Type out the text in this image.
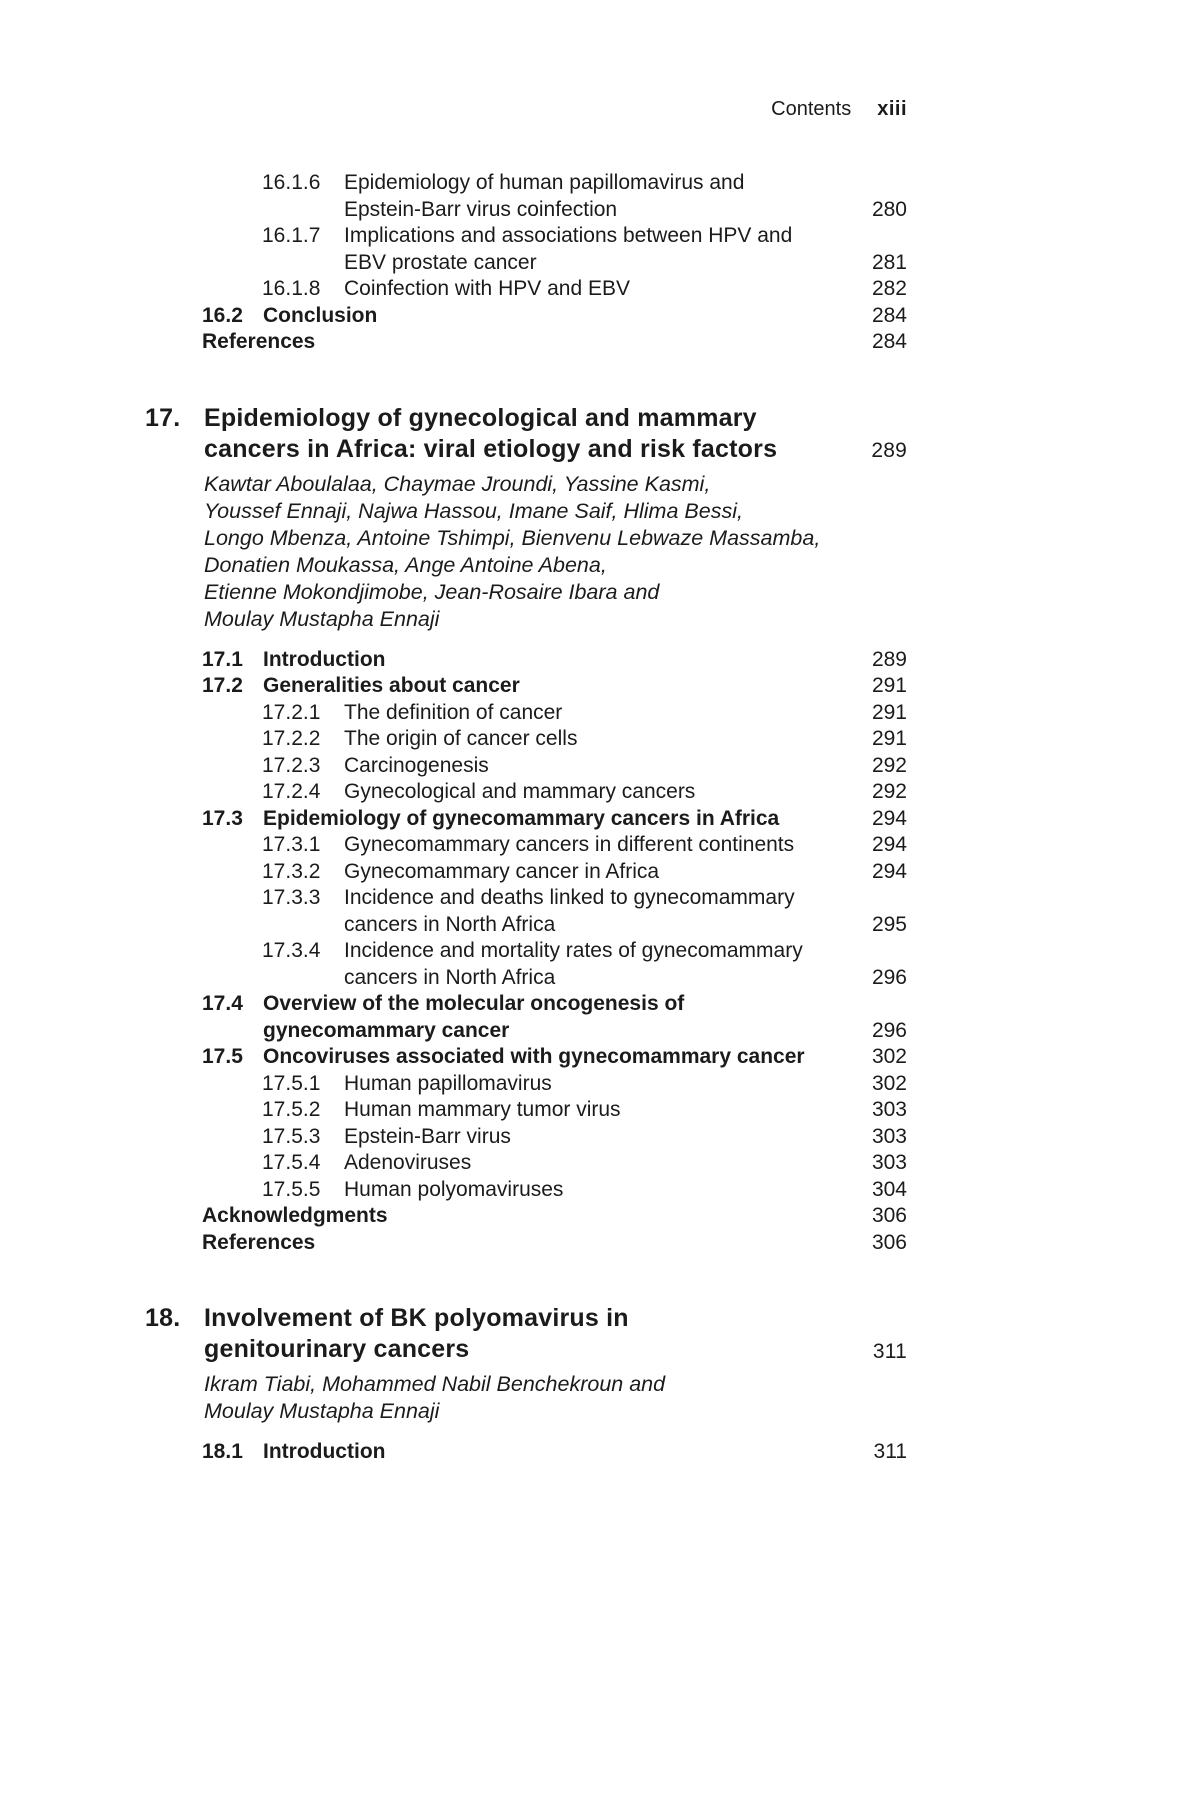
Contents xiii
16.1.6 Epidemiology of human papillomavirus and
Epstein-Barr virus coinfection	280
16.1.7 Implications and associations between HPV and
EBV prostate cancer	281
16.1.8 Coinfection with HPV and EBV	282
16.2 Conclusion	284
References	284
17. Epidemiology of gynecological and mammary
cancers in Africa: viral etiology and risk factors	289
Kawtar Aboulalaa, Chaymae Jroundi, Yassine Kasmi,
Youssef Ennaji, Najwa Hassou, Imane Saif, Hlima Bessi,
Longo Mbenza, Antoine Tshimpi, Bienvenu Lebwaze Massamba,
Donatien Moukassa, Ange Antoine Abena,
Etienne Mokondjimobe, Jean-Rosaire Ibara and
Moulay Mustapha Ennaji
17.1 Introduction	289
17.2 Generalities about cancer	291
17.2.1 The definition of cancer	291
17.2.2 The origin of cancer cells	291
17.2.3 Carcinogenesis	292
17.2.4 Gynecological and mammary cancers	292
17.3 Epidemiology of gynecomammary cancers in Africa	294
17.3.1 Gynecomammary cancers in different continents	294
17.3.2 Gynecomammary cancer in Africa	294
17.3.3 Incidence and deaths linked to gynecomammary
cancers in North Africa	295
17.3.4 Incidence and mortality rates of gynecomammary
cancers in North Africa	296
17.4 Overview of the molecular oncogenesis of
gynecomammary cancer	296
17.5 Oncoviruses associated with gynecomammary cancer	302
17.5.1 Human papillomavirus	302
17.5.2 Human mammary tumor virus	303
17.5.3 Epstein-Barr virus	303
17.5.4 Adenoviruses	303
17.5.5 Human polyomaviruses	304
Acknowledgments	306
References	306
18. Involvement of BK polyomavirus in
genitourinary cancers	311
Ikram Tiabi, Mohammed Nabil Benchekroun and
Moulay Mustapha Ennaji
18.1 Introduction	311
